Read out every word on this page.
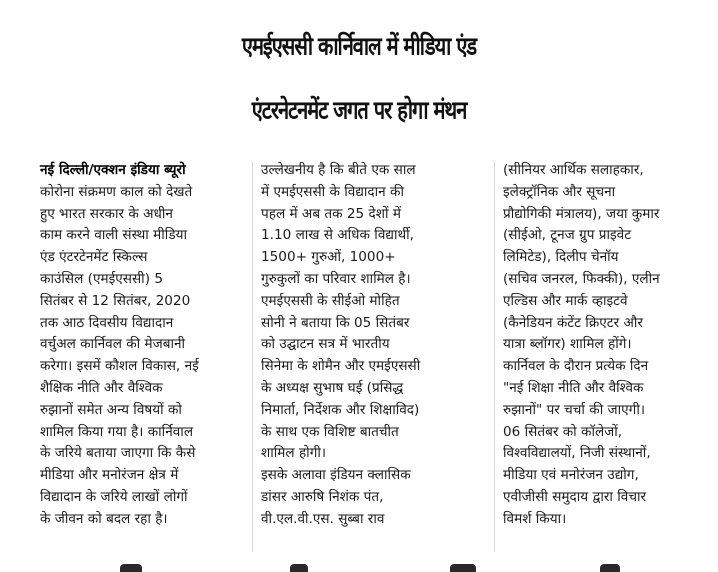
एमईएससी कार्निवाल में मीडिया एंड
एंटरनेटनमेंट जगत पर होगा मंथन
नई दिल्ली/एक्शन इंडिया ब्यूरो
कोरोना संक्रमण काल को देखते
हुए भारत सरकार के अधीन
काम करने वाली संस्था मीडिया
एंड एंटरटेनमेंट स्किल्स
काउंसिल (एमईएससी) 5
सितंबर से 12 सितंबर, 2020
तक आठ दिवसीय विद्यादान
वर्चुअल कार्निवल की मेजबानी
करेगा। इसमें कौशल विकास, नई
शैक्षिक नीति और वैश्विक
रुझानों समेत अन्य विषयों को
शामिल किया गया है। कार्निवाल
के जरिये बताया जाएगा कि कैसे
मीडिया और मनोरंजन क्षेत्र में
विद्यादान के जरिये लाखों लोगों
के जीवन को बदल रहा है।
उल्लेखनीय है कि बीते एक साल
में एमईएससी के विद्यादान की
पहल में अब तक 25 देशों में
1.10 लाख से अधिक विद्यार्थी,
1500+ गुरुओं, 1000+
गुरुकुलों का परिवार शामिल है।
एमईएससी के सीईओ मोहित
सोनी ने बताया कि 05 सितंबर
को उद्घाटन सत्र में भारतीय
सिनेमा के शोमैन और एमईएससी
के अध्यक्ष सुभाष घई (प्रसिद्ध
निमार्ता, निर्देशक और शिक्षाविद)
के साथ एक विशिष्ट बातचीत
शामिल होगी।
इसके अलावा इंडियन क्लासिक
डांसर आरुषि निशंक पंत,
वी.एल.वी.एस. सुब्बा राव
(सीनियर आर्थिक सलाहकार,
इलेक्ट्रॉनिक और सूचना
प्रौद्योगिकी मंत्रालय), जया कुमार
(सीईओ, टूनज ग्रुप प्राइवेट
लिमिटेड), दिलीप चेनॉय
(सचिव जनरल, फिक्की), एलीन
एल्डिस और मार्क व्हाइटवे
(कैनेडियन कंटेंट क्रिएटर और
यात्रा ब्लॉगर) शामिल होंगे।
कार्निवल के दौरान प्रत्येक दिन
"नई शिक्षा नीति और वैश्विक
रुझानों" पर चर्चा की जाएगी।
06 सितंबर को कॉलेजों,
विश्वविद्यालयों, निजी संस्थानों,
मीडिया एवं मनोरंजन उद्योग,
एवीजीसी समुदाय द्वारा विचार
विमर्श किया।
